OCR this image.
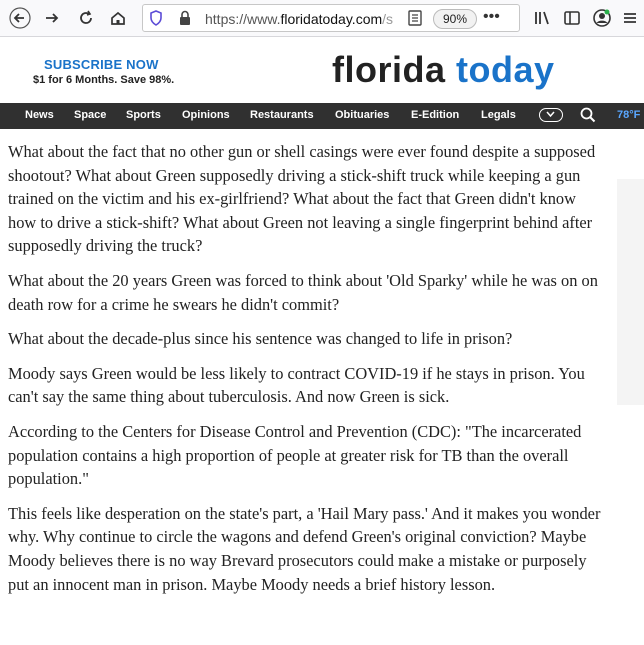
https://www.floridatoday.com/s	90% •••
SUBSCRIBE NOW
$1 for 6 Months. Save 98%.	florida today
News Space Sports Opinions Restaurants Obituaries E-Edition Legals	78°F

What about the fact that no other gun or shell casings were ever found despite a supposed shootout? What about Green supposedly driving a stick-shift truck while keeping a gun trained on the victim and his ex-girlfriend? What about the fact that Green didn't know how to drive a stick-shift? What about Green not leaving a single fingerprint behind after supposedly driving the truck?

What about the 20 years Green was forced to think about 'Old Sparky' while he was on on death row for a crime he swears he didn't commit?

What about the decade-plus since his sentence was changed to life in prison?

Moody says Green would be less likely to contract COVID-19 if he stays in prison. You can't say the same thing about tuberculosis. And now Green is sick.

According to the Centers for Disease Control and Prevention (CDC): "The incarcerated population contains a high proportion of people at greater risk for TB than the overall population."

This feels like desperation on the state's part, a 'Hail Mary pass.' And it makes you wonder why. Why continue to circle the wagons and defend Green's original conviction? Maybe Moody believes there is no way Brevard prosecutors could make a mistake or purposely put an innocent man in prison. Maybe Moody needs a brief history lesson.
